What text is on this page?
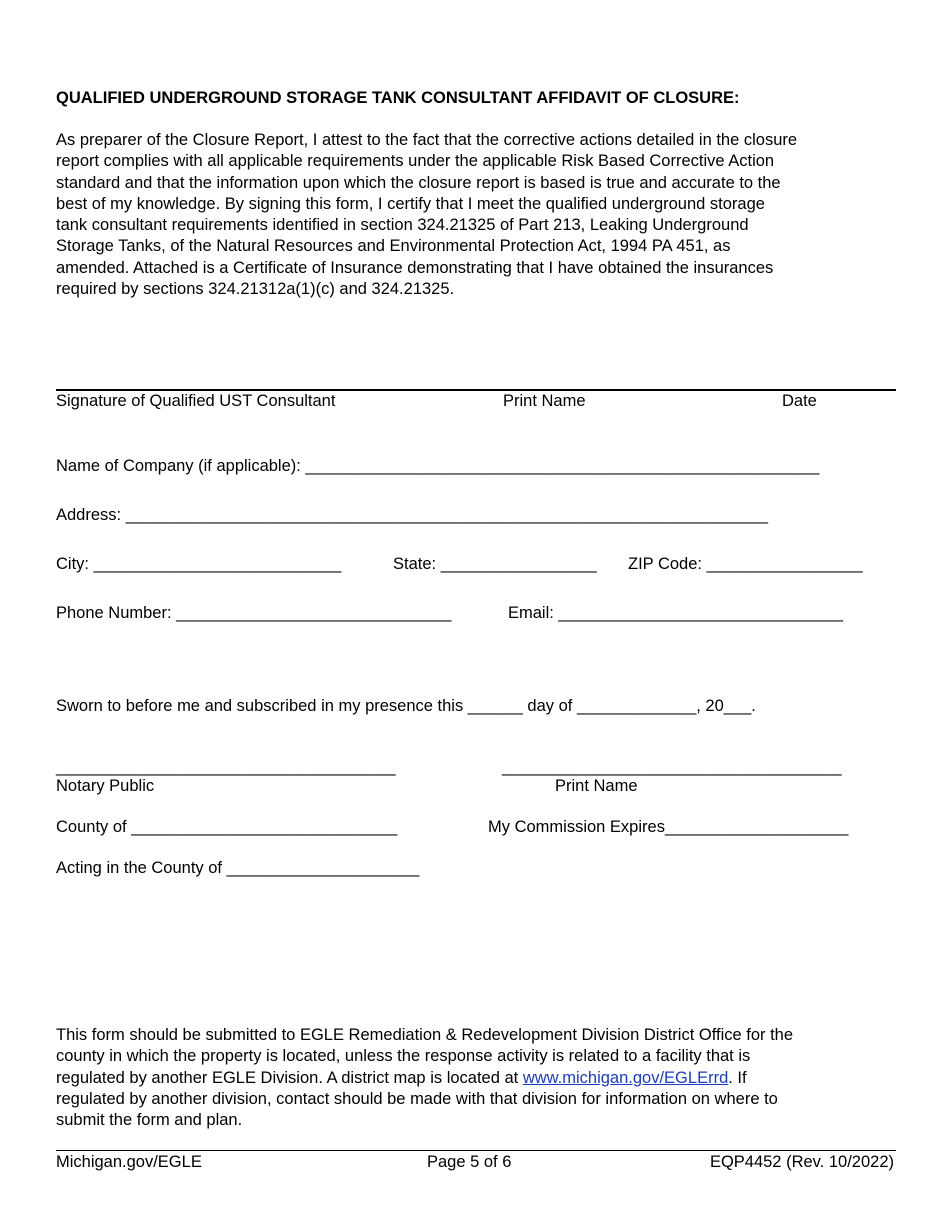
QUALIFIED UNDERGROUND STORAGE TANK CONSULTANT AFFIDAVIT OF CLOSURE:
As preparer of the Closure Report, I attest to the fact that the corrective actions detailed in the closure
report complies with all applicable requirements under the applicable Risk Based Corrective Action
standard and that the information upon which the closure report is based is true and accurate to the
best of my knowledge. By signing this form, I certify that I meet the qualified underground storage
tank consultant requirements identified in section 324.21325 of Part 213, Leaking Underground
Storage Tanks, of the Natural Resources and Environmental Protection Act, 1994 PA 451, as
amended. Attached is a Certificate of Insurance demonstrating that I have obtained the insurances
required by sections 324.21312a(1)(c) and 324.21325.
Signature of Qualified UST Consultant	Print Name	Date
Name of Company (if applicable): ________________________________________________________
Address: ______________________________________________________________________
City: ___________________________	State: _________________ ZIP Code: _________________
Phone Number: ______________________________	Email: _______________________________
Sworn to before me and subscribed in my presence this ______ day of _____________, 20___.
_____________________________________	_____________________________________
Notary Public	Print Name
County of _____________________________	My Commission Expires____________________
Acting in the County of _____________________
This form should be submitted to EGLE Remediation & Redevelopment Division District Office for the
county in which the property is located, unless the response activity is related to a facility that is
regulated by another EGLE Division. A district map is located at www.michigan.gov/EGLErrd. If
regulated by another division, contact should be made with that division for information on where to
submit the form and plan.
Michigan.gov/EGLE	Page 5 of 6	EQP4452 (Rev. 10/2022)
